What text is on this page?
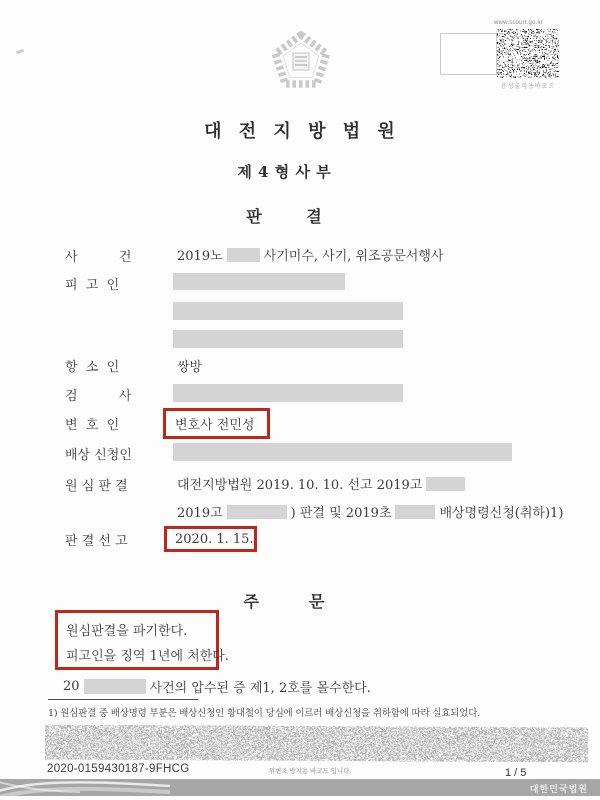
www.scourt.go.kr
음성출력용바코드
대 전 지 방 법 원
제 4 형 사 부
판        결
사          건	2019노	사기미수, 사기, 위조공문서행사
피  고  인
항  소  인	쌍방
검          사
변  호  인	변호사 전민성
배상 신청인
원 심 판 결	대전지방법원 2019. 10. 10. 선고 2019고
2019고	) 판결 및 2019초	배상명령신청(취하)1)
판 결 선 고	2020. 1. 15.
주         문
원심판결을 파기한다.
피고인을 징역 1년에 처한다.
20	사건의 압수된 증 제1, 2호를 몰수한다.
1) 원심판결 중 배상명령 부분은 배상신청인 황대철이 당심에 이르러 배상신청을 취하함에 따라 실효되었다.
2020-0159430187-9FHCG	위변조 방지용 바코드 입니다.	1 / 5
대한민국법원
